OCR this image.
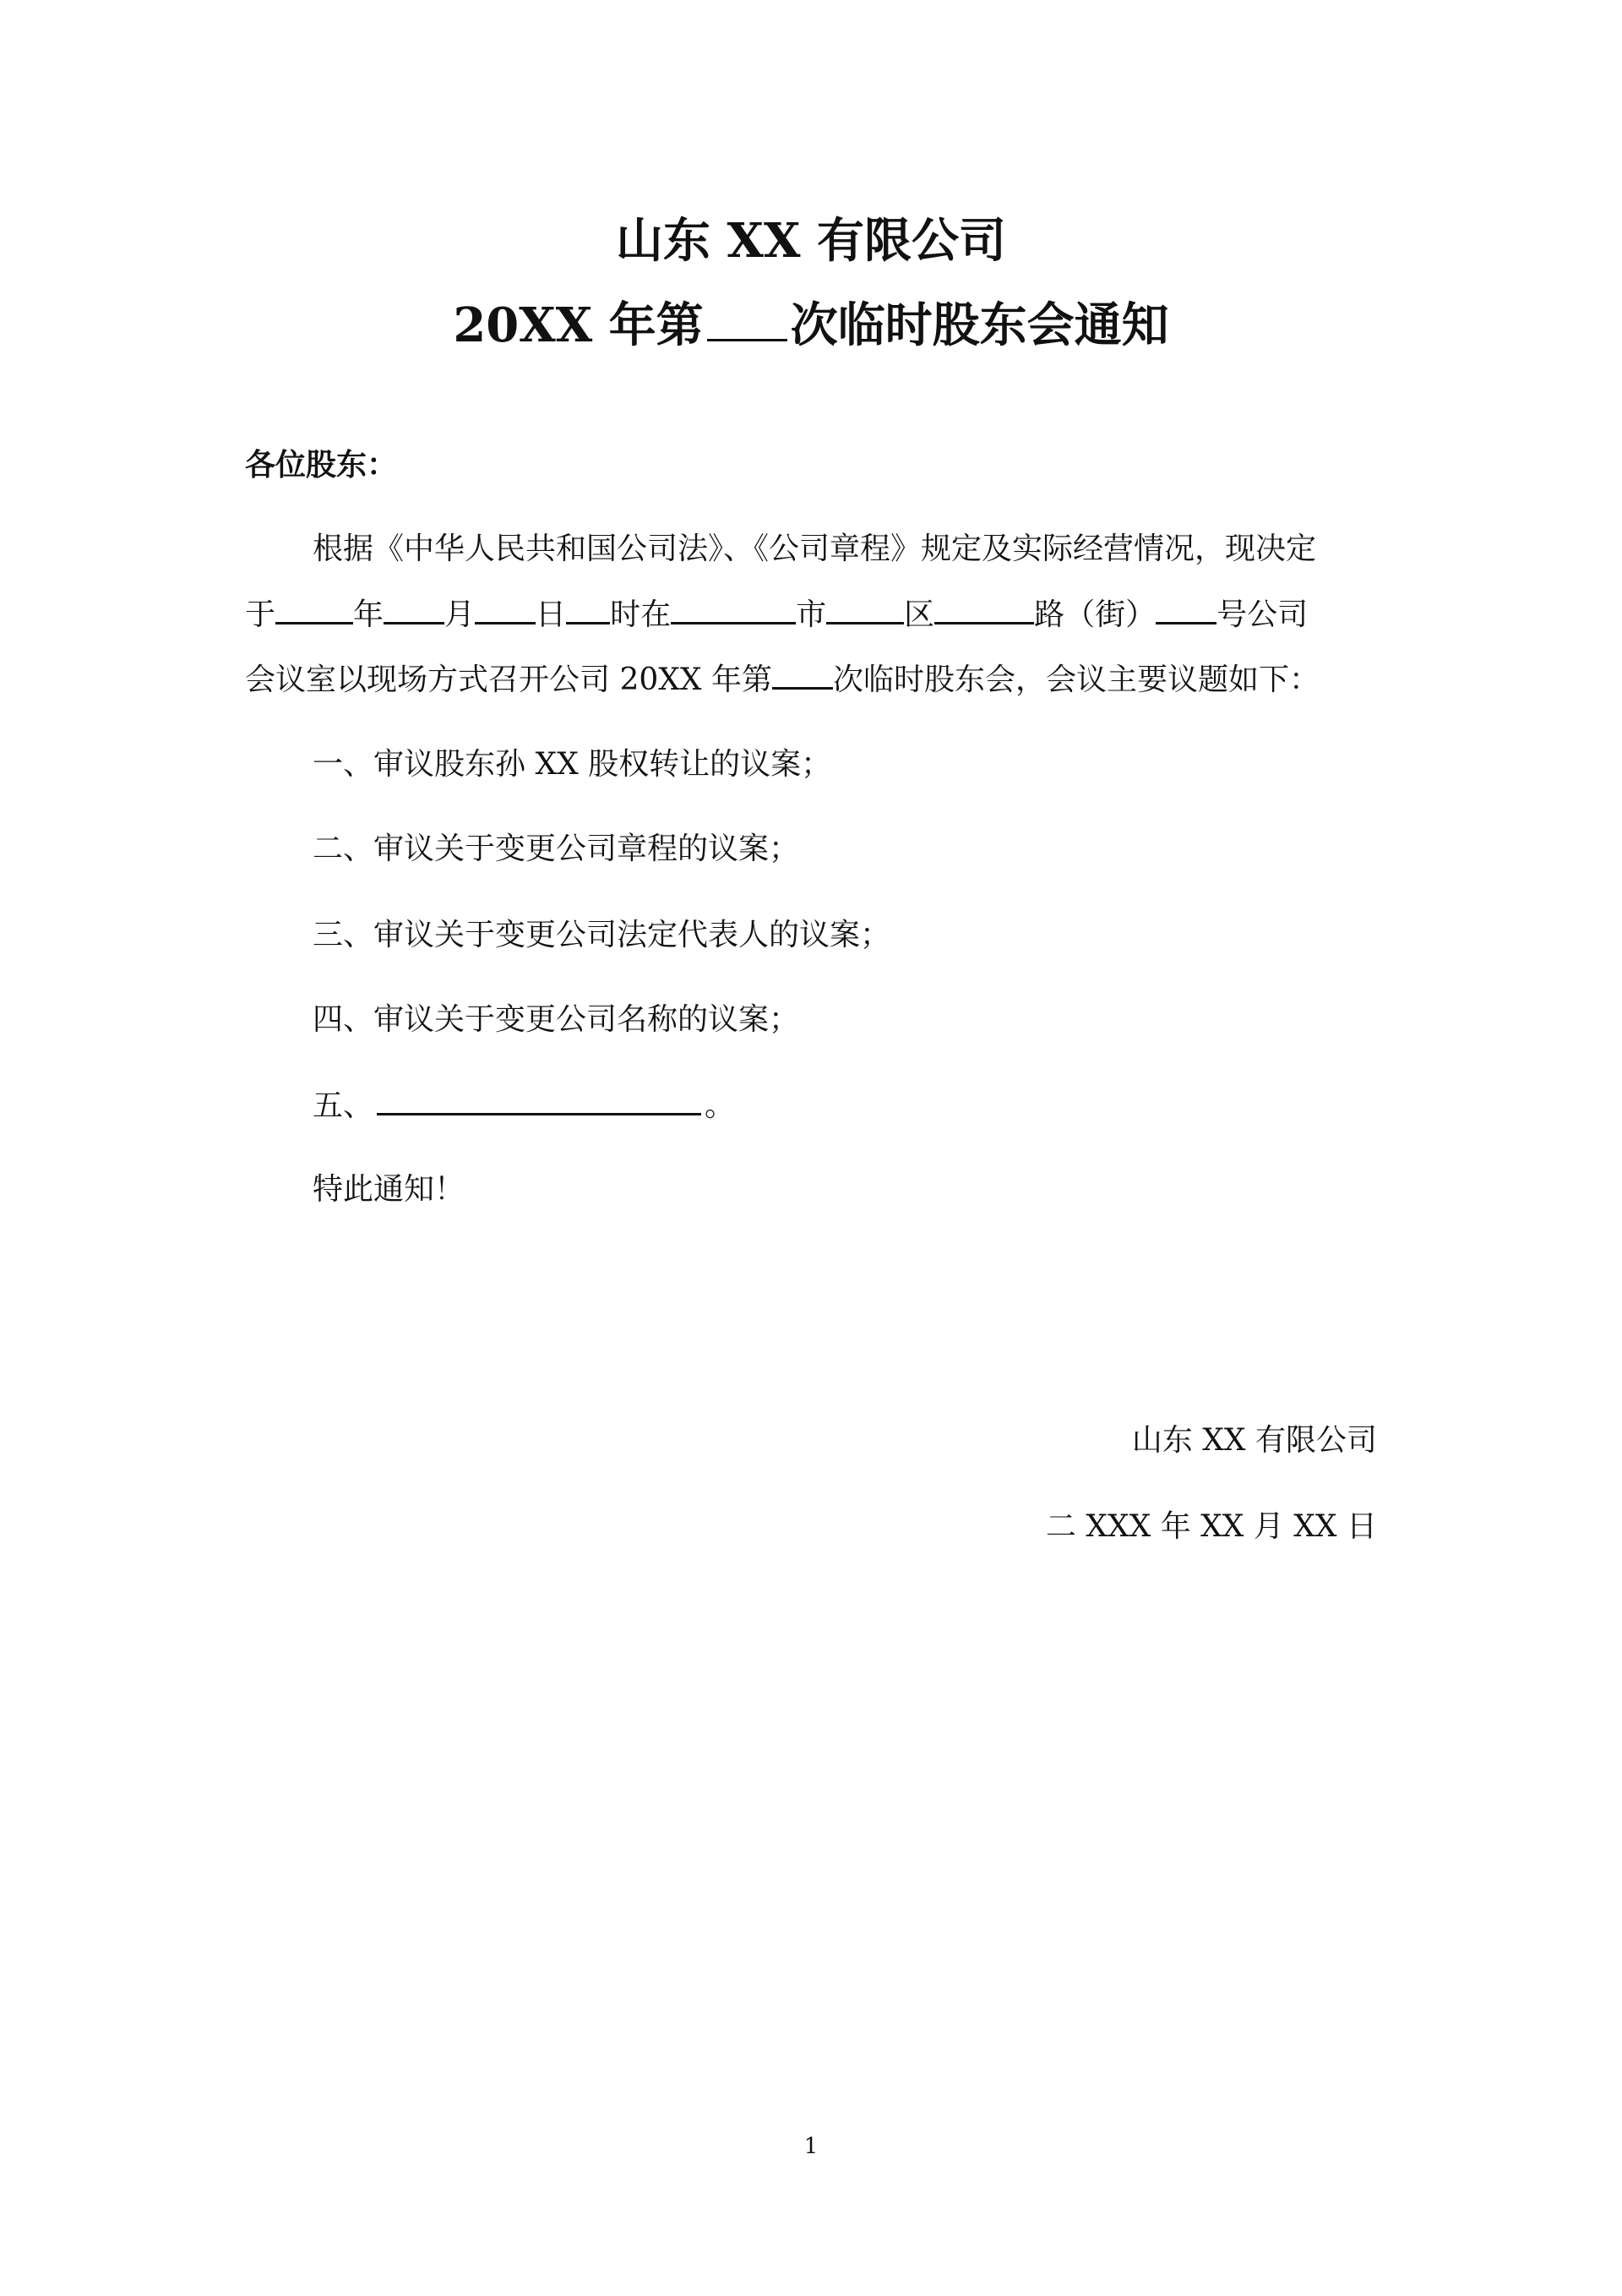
山东 XX 有限公司
20XX 年第 次临时股东会通知
各位股东：
根据《中华人民共和国公司法》、《公司章程》规定及实际经营情况，现决定
于	年 月 日 时在	市	区	路（街） 号公司
会议室以现场方式召开公司 20XX 年第 次临时股东会，会议主要议题如下：
一、审议股东孙 XX 股权转让的议案；
二、审议关于变更公司章程的议案；
三、审议关于变更公司法定代表人的议案；
四、审议关于变更公司名称的议案；
五、	。
特此通知！
山东 XX 有限公司
二 XXX 年 XX 月 XX 日
1
